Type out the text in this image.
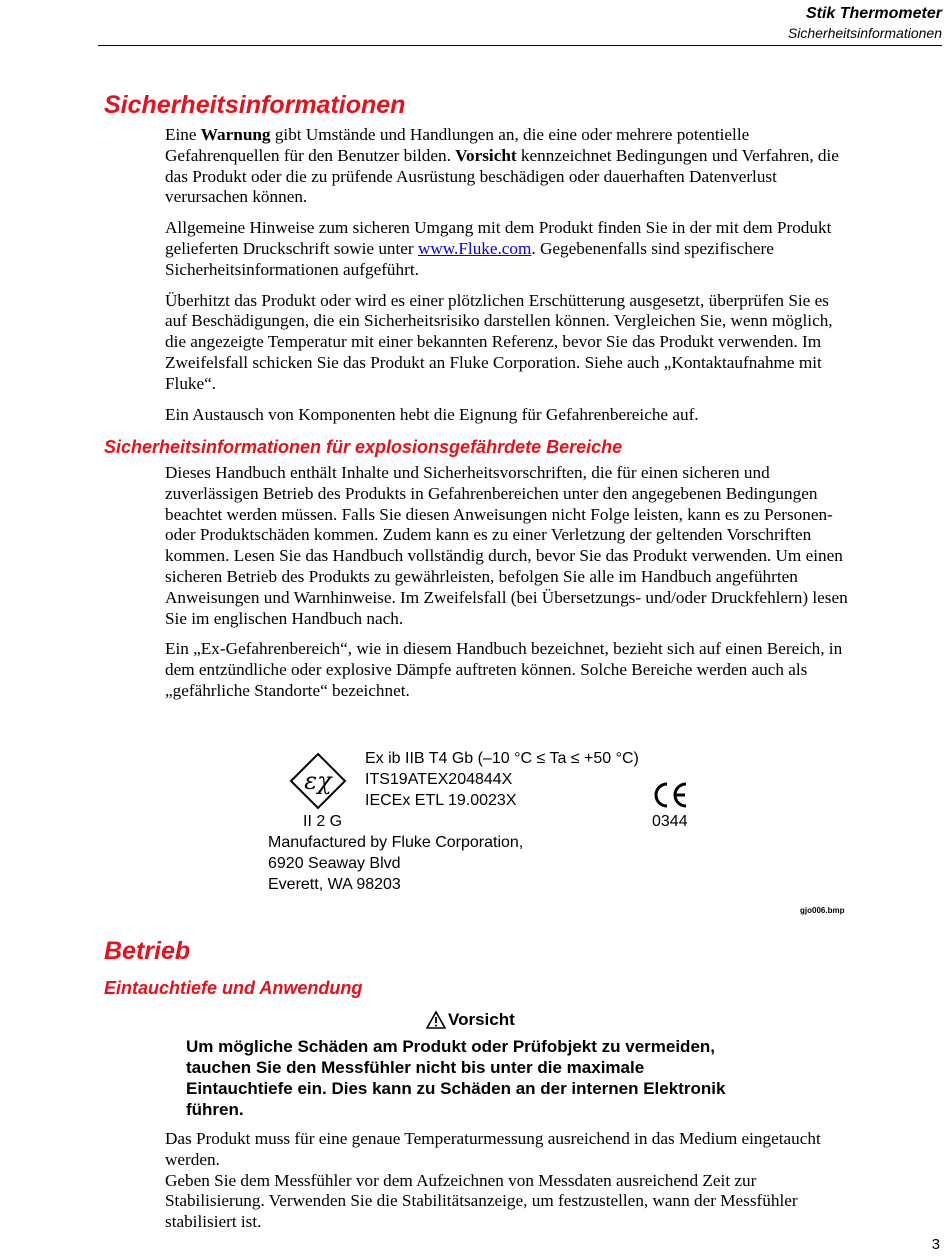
Stik Thermometer
Sicherheitsinformationen
Sicherheitsinformationen

Eine Warnung gibt Umstände und Handlungen an, die eine oder mehrere potentielle Gefahrenquellen für den Benutzer bilden. Vorsicht kennzeichnet Bedingungen und Verfahren, die das Produkt oder die zu prüfende Ausrüstung beschädigen oder dauerhaften Datenverlust verursachen können.

Allgemeine Hinweise zum sicheren Umgang mit dem Produkt finden Sie in der mit dem Produkt gelieferten Druckschrift sowie unter www.Fluke.com. Gegebenenfalls sind spezifischere Sicherheitsinformationen aufgeführt.

Überhitzt das Produkt oder wird es einer plötzlichen Erschütterung ausgesetzt, überprüfen Sie es auf Beschädigungen, die ein Sicherheitsrisiko darstellen können. Vergleichen Sie, wenn möglich, die angezeigte Temperatur mit einer bekannten Referenz, bevor Sie das Produkt verwenden. Im Zweifelsfall schicken Sie das Produkt an Fluke Corporation. Siehe auch „Kontaktaufnahme mit Fluke“.

Ein Austausch von Komponenten hebt die Eignung für Gefahrenbereiche auf.

Sicherheitsinformationen für explosionsgefährdete Bereiche

Dieses Handbuch enthält Inhalte und Sicherheitsvorschriften, die für einen sicheren und zuverlässigen Betrieb des Produkts in Gefahrenbereichen unter den angegebenen Bedingungen beachtet werden müssen. Falls Sie diesen Anweisungen nicht Folge leisten, kann es zu Personen- oder Produktschäden kommen. Zudem kann es zu einer Verletzung der geltenden Vorschriften kommen. Lesen Sie das Handbuch vollständig durch, bevor Sie das Produkt verwenden. Um einen sicheren Betrieb des Produkts zu gewährleisten, befolgen Sie alle im Handbuch angeführten Anweisungen und Warnhinweise. Im Zweifelsfall (bei Übersetzungs- und/oder Druckfehlern) lesen Sie im englischen Handbuch nach.

Ein „Ex-Gefahrenbereich“, wie in diesem Handbuch bezeichnet, bezieht sich auf einen Bereich, in dem entzündliche oder explosive Dämpfe auftreten können. Solche Bereiche werden auch als „gefährliche Standorte“ bezeichnet.

εχ
Ex ib IIB T4 Gb (–10 °C ≤ Ta ≤ +50 °C)
ITS19ATEX204844X
IECEx ETL 19.0023X
II 2 G	0344
Manufactured by Fluke Corporation,
6920 Seaway Blvd
Everett, WA 98203
gjo006.bmp
Betrieb
Eintauchtiefe und Anwendung
Vorsicht
Um mögliche Schäden am Produkt oder Prüfobjekt zu vermeiden, tauchen Sie den Messfühler nicht bis unter die maximale Eintauchtiefe ein. Dies kann zu Schäden an der internen Elektronik führen.

Das Produkt muss für eine genaue Temperaturmessung ausreichend in das Medium eingetaucht werden.

Geben Sie dem Messfühler vor dem Aufzeichnen von Messdaten ausreichend Zeit zur Stabilisierung. Verwenden Sie die Stabilitätsanzeige, um festzustellen, wann der Messfühler stabilisiert ist.

3
